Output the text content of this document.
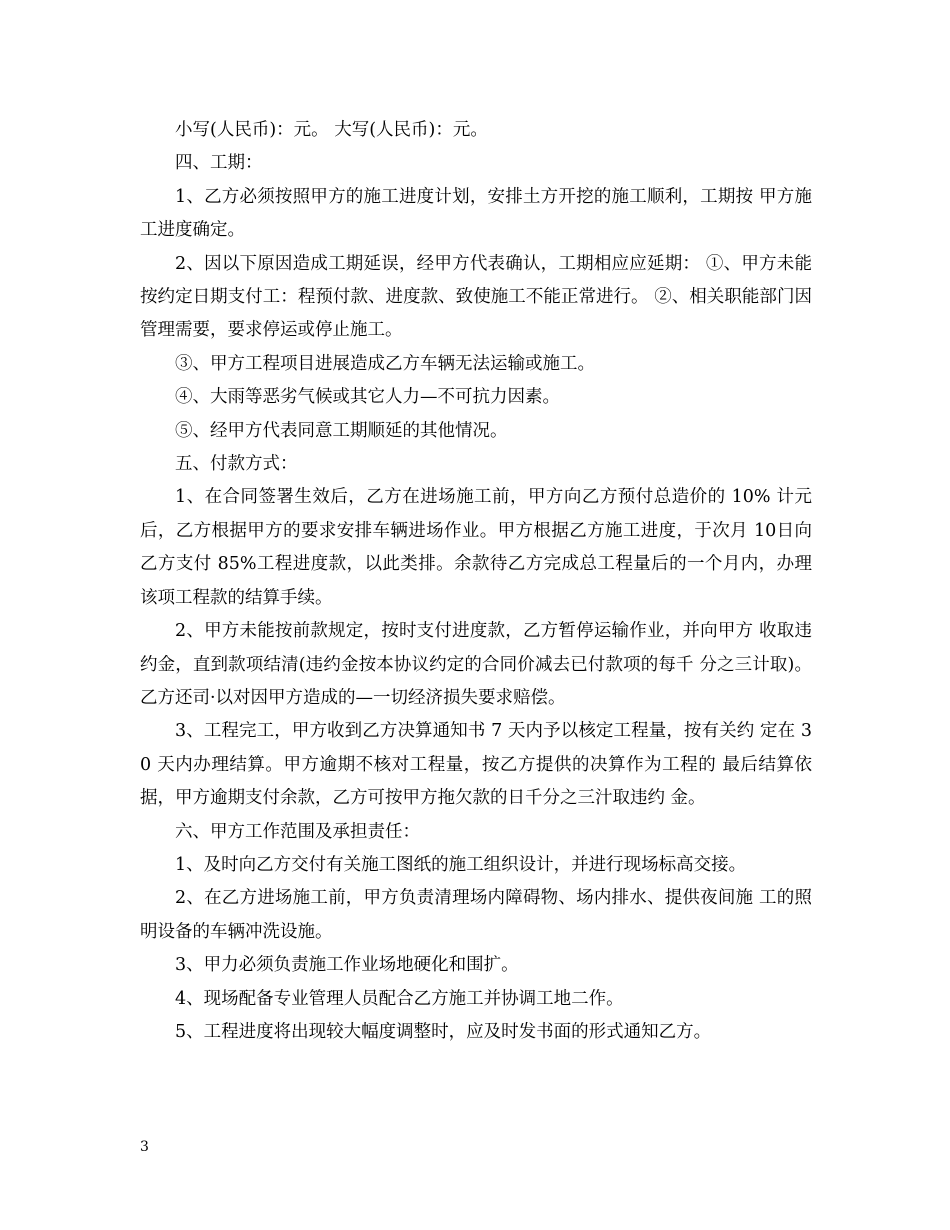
小写(人民币)：元。 大写(人民币)：元。

四、工期：

1、乙方必须按照甲方的施工进度计划，安排土方开挖的施工顺利，工期按 甲方施工进度确定。

2、因以下原因造成工期延误，经甲方代表确认，工期相应应延期： ①、甲方未能按约定日期支付工：程预付款、进度款、致使施工不能正常进行。 ②、相关职能部门因管理需要，要求停运或停止施工。

③、甲方工程项目进展造成乙方车辆无法运输或施工。

④、大雨等恶劣气候或其它人力—不可抗力因素。

⑤、经甲方代表同意工期顺延的其他情况。

五、付款方式：

1、在合同签署生效后，乙方在进场施工前，甲方向乙方预付总造价的 10% 计元后，乙方根据甲方的要求安排车辆进场作业。甲方根据乙方施工进度，于次月 10日向乙方支付 85%工程进度款，以此类排。余款待乙方完成总工程量后的一个月内，办理该项工程款的结算手续。

2、甲方未能按前款规定，按时支付进度款，乙方暂停运输作业，并向甲方 收取违约金，直到款项结清(违约金按本协议约定的合同价减去已付款项的每千 分之三计取)。乙方还司·以对因甲方造成的—一切经济损失要求赔偿。

3、工程完工，甲方收到乙方决算通知书 7 天内予以核定工程量，按有关约 定在 30 天内办理结算。甲方逾期不核对工程量，按乙方提供的决算作为工程的 最后结算依据，甲方逾期支付余款，乙方可按甲方拖欠款的日千分之三汁取违约 金。

六、甲方工作范围及承担责任：

1、及时向乙方交付有关施工图纸的施工组织设计，并进行现场标高交接。

2、在乙方进场施工前，甲方负责清理场内障碍物、场内排水、提供夜间施 工的照明设备的车辆冲洗设施。

3、甲力必须负责施工作业场地硬化和围扩。

4、现场配备专业管理人员配合乙方施工并协调工地二作。

5、工程进度将出现较大幅度调整时，应及时发书面的形式通知乙方。

3
